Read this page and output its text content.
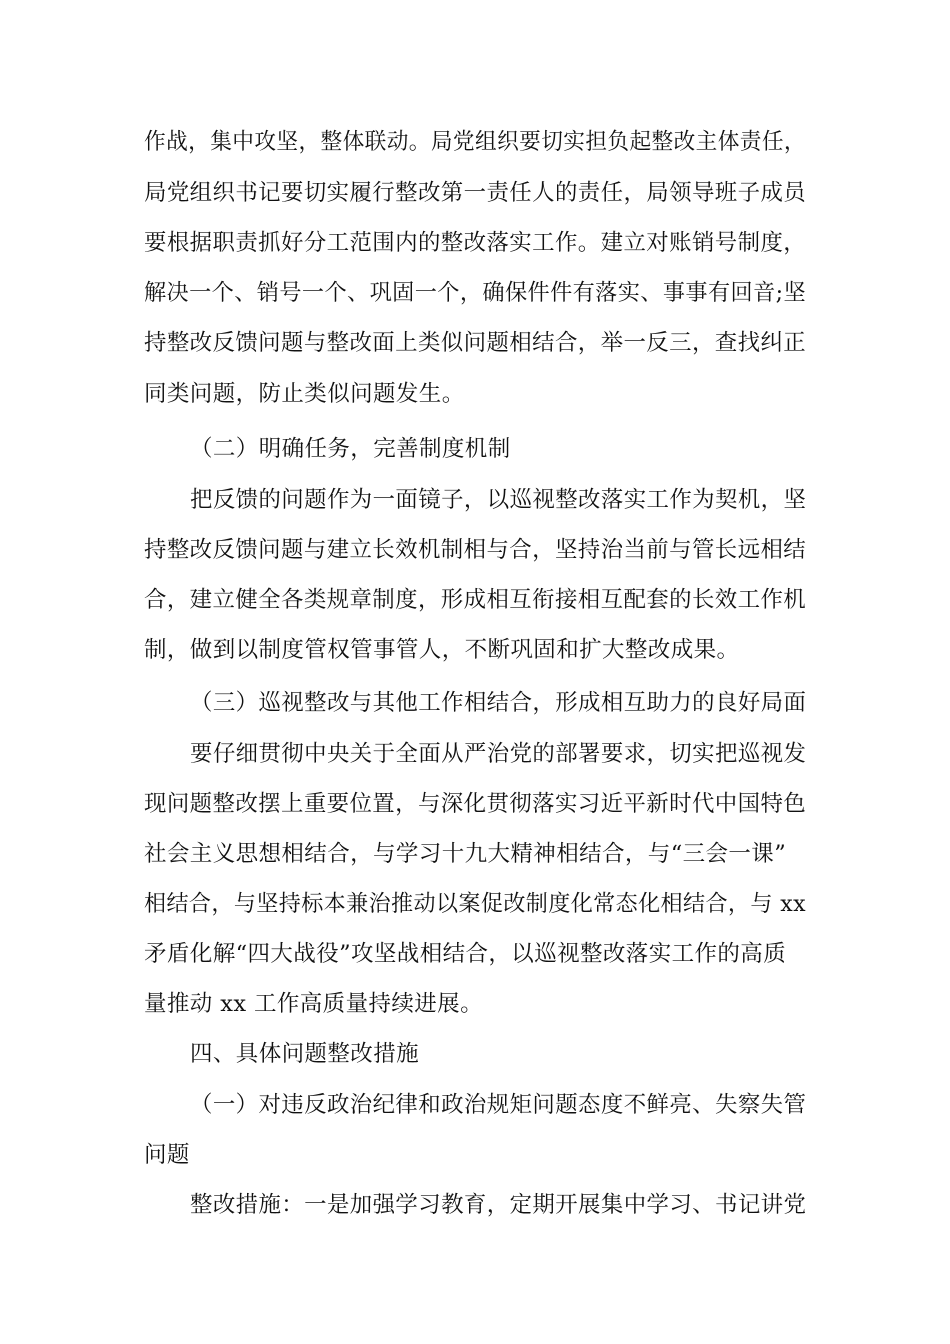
作战，集中攻坚，整体联动。局党组织要切实担负起整改主体责任，
局党组织书记要切实履行整改第一责任人的责任，局领导班子成员
要根据职责抓好分工范围内的整改落实工作。建立对账销号制度，
解决一个、销号一个、巩固一个，确保件件有落实、事事有回音;坚
持整改反馈问题与整改面上类似问题相结合，举一反三，查找纠正
同类问题，防止类似问题发生。
（二）明确任务，完善制度机制
把反馈的问题作为一面镜子，以巡视整改落实工作为契机，坚
持整改反馈问题与建立长效机制相与合，坚持治当前与管长远相结
合，建立健全各类规章制度，形成相互衔接相互配套的长效工作机
制，做到以制度管权管事管人，不断巩固和扩大整改成果。
（三）巡视整改与其他工作相结合，形成相互助力的良好局面
要仔细贯彻中央关于全面从严治党的部署要求，切实把巡视发
现问题整改摆上重要位置，与深化贯彻落实习近平新时代中国特色
社会主义思想相结合，与学习十九大精神相结合，与“三会一课”
相结合，与坚持标本兼治推动以案促改制度化常态化相结合，与 xx
矛盾化解“四大战役”攻坚战相结合，以巡视整改落实工作的高质
量推动 xx 工作高质量持续进展。
四、具体问题整改措施
（一）对违反政治纪律和政治规矩问题态度不鲜亮、失察失管
问题
整改措施：一是加强学习教育，定期开展集中学习、书记讲党
